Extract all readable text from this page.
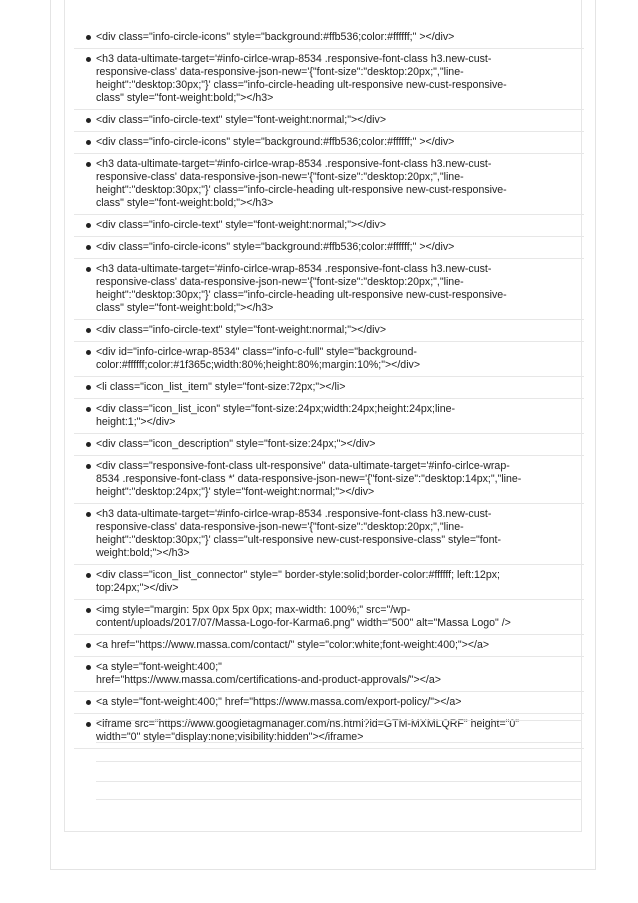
<div class="info-circle-icons" style="background:#ffb536;color:#ffffff;" ></div>
<h3 data-ultimate-target='#info-cirlce-wrap-8534 .responsive-font-class h3.new-cust-
responsive-class' data-responsive-json-new='{"font-size":"desktop:20px;","line-
height":"desktop:30px;"}' class="info-circle-heading ult-responsive new-cust-responsive-
class" style="font-weight:bold;"></h3>
<div class="info-circle-text" style="font-weight:normal;"></div>
<div class="info-circle-icons" style="background:#ffb536;color:#ffffff;" ></div>
<h3 data-ultimate-target='#info-cirlce-wrap-8534 .responsive-font-class h3.new-cust-
responsive-class' data-responsive-json-new='{"font-size":"desktop:20px;","line-
height":"desktop:30px;"}' class="info-circle-heading ult-responsive new-cust-responsive-
class" style="font-weight:bold;"></h3>
<div class="info-circle-text" style="font-weight:normal;"></div>
<div class="info-circle-icons" style="background:#ffb536;color:#ffffff;" ></div>
<h3 data-ultimate-target='#info-cirlce-wrap-8534 .responsive-font-class h3.new-cust-
responsive-class' data-responsive-json-new='{"font-size":"desktop:20px;","line-
height":"desktop:30px;"}' class="info-circle-heading ult-responsive new-cust-responsive-
class" style="font-weight:bold;"></h3>
<div class="info-circle-text" style="font-weight:normal;"></div>
<div id="info-cirlce-wrap-8534" class="info-c-full" style="background-
color:#ffffff;color:#1f365c;width:80%;height:80%;margin:10%;"></div>
<li class="icon_list_item" style="font-size:72px;"></li>
<div class="icon_list_icon" style="font-size:24px;width:24px;height:24px;line-
height:1;"></div>
<div class="icon_description" style="font-size:24px;"></div>
<div class="responsive-font-class ult-responsive" data-ultimate-target='#info-cirlce-wrap-
8534 .responsive-font-class *' data-responsive-json-new='{"font-size":"desktop:14px;","line-
height":"desktop:24px;"}' style="font-weight:normal;"></div>
<h3 data-ultimate-target='#info-cirlce-wrap-8534 .responsive-font-class h3.new-cust-
responsive-class' data-responsive-json-new='{"font-size":"desktop:20px;","line-
height":"desktop:30px;"}' class="ult-responsive new-cust-responsive-class" style="font-
weight:bold;"></h3>
<div class="icon_list_connector" style=" border-style:solid;border-color:#ffffff; left:12px;
top:24px;"></div>
<img style="margin: 5px 0px 5px 0px; max-width: 100%;" src="/wp-
content/uploads/2017/07/Massa-Logo-for-Karma6.png" width="500" alt="Massa Logo" />
<a href="https://www.massa.com/contact/" style="color:white;font-weight:400;"></a>
<a style="font-weight:400;"
href="https://www.massa.com/certifications-and-product-approvals/"></a>
<a style="font-weight:400;" href="https://www.massa.com/export-policy/"></a>
<iframe src="https://www.googletagmanager.com/ns.html?id=GTM-MXMLQRF" height="0"
width="0" style="display:none;visibility:hidden"></iframe>
